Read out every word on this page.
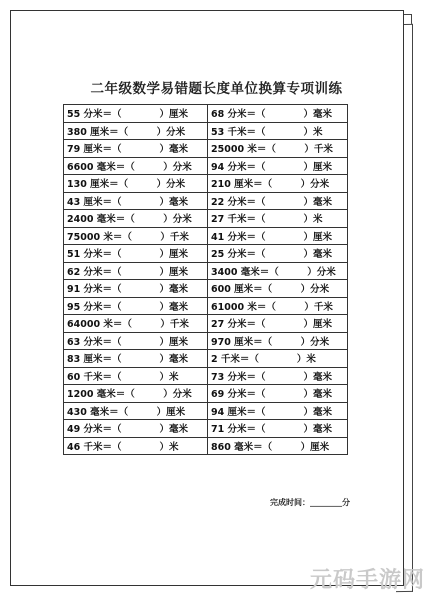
二年级数学易错题长度单位换算专项训练
55 分米＝（　　　　）厘米	68 分米＝（　　　　）毫米
380 厘米＝（　　　）分米	53 千米＝（　　　　）米
79 厘米＝（　　　　）毫米	25000 米＝（　　　）千米
6600 毫米＝（　　　）分米	94 分米＝（　　　　）厘米
130 厘米＝（　　　）分米	210 厘米＝（　　　）分米
43 厘米＝（　　　　）毫米	22 分米＝（　　　　）毫米
2400 毫米＝（　　　）分米	27 千米＝（　　　　）米
75000 米＝（　　　）千米	41 分米＝（　　　　）厘米
51 分米＝（　　　　）厘米	25 分米＝（　　　　）毫米
62 分米＝（　　　　）厘米	3400 毫米＝（　　　）分米
91 分米＝（　　　　）毫米	600 厘米＝（　　　）分米
95 分米＝（　　　　）毫米	61000 米＝（　　　）千米
64000 米＝（　　　）千米	27 分米＝（　　　　）厘米
63 分米＝（　　　　）厘米	970 厘米＝（　　　）分米
83 厘米＝（　　　　）毫米	2 千米＝（　　　　）米
60 千米＝（　　　　）米	73 分米＝（　　　　）毫米
1200 毫米＝（　　　）分米	69 分米＝（　　　　）毫米
430 毫米＝（　　　）厘米	94 厘米＝（　　　　）毫米
49 分米＝（　　　　）毫米	71 分米＝（　　　　）毫米
46 千米＝（　　　　）米	860 毫米＝（　　　）厘米
完成时间：________分
元码手游网
